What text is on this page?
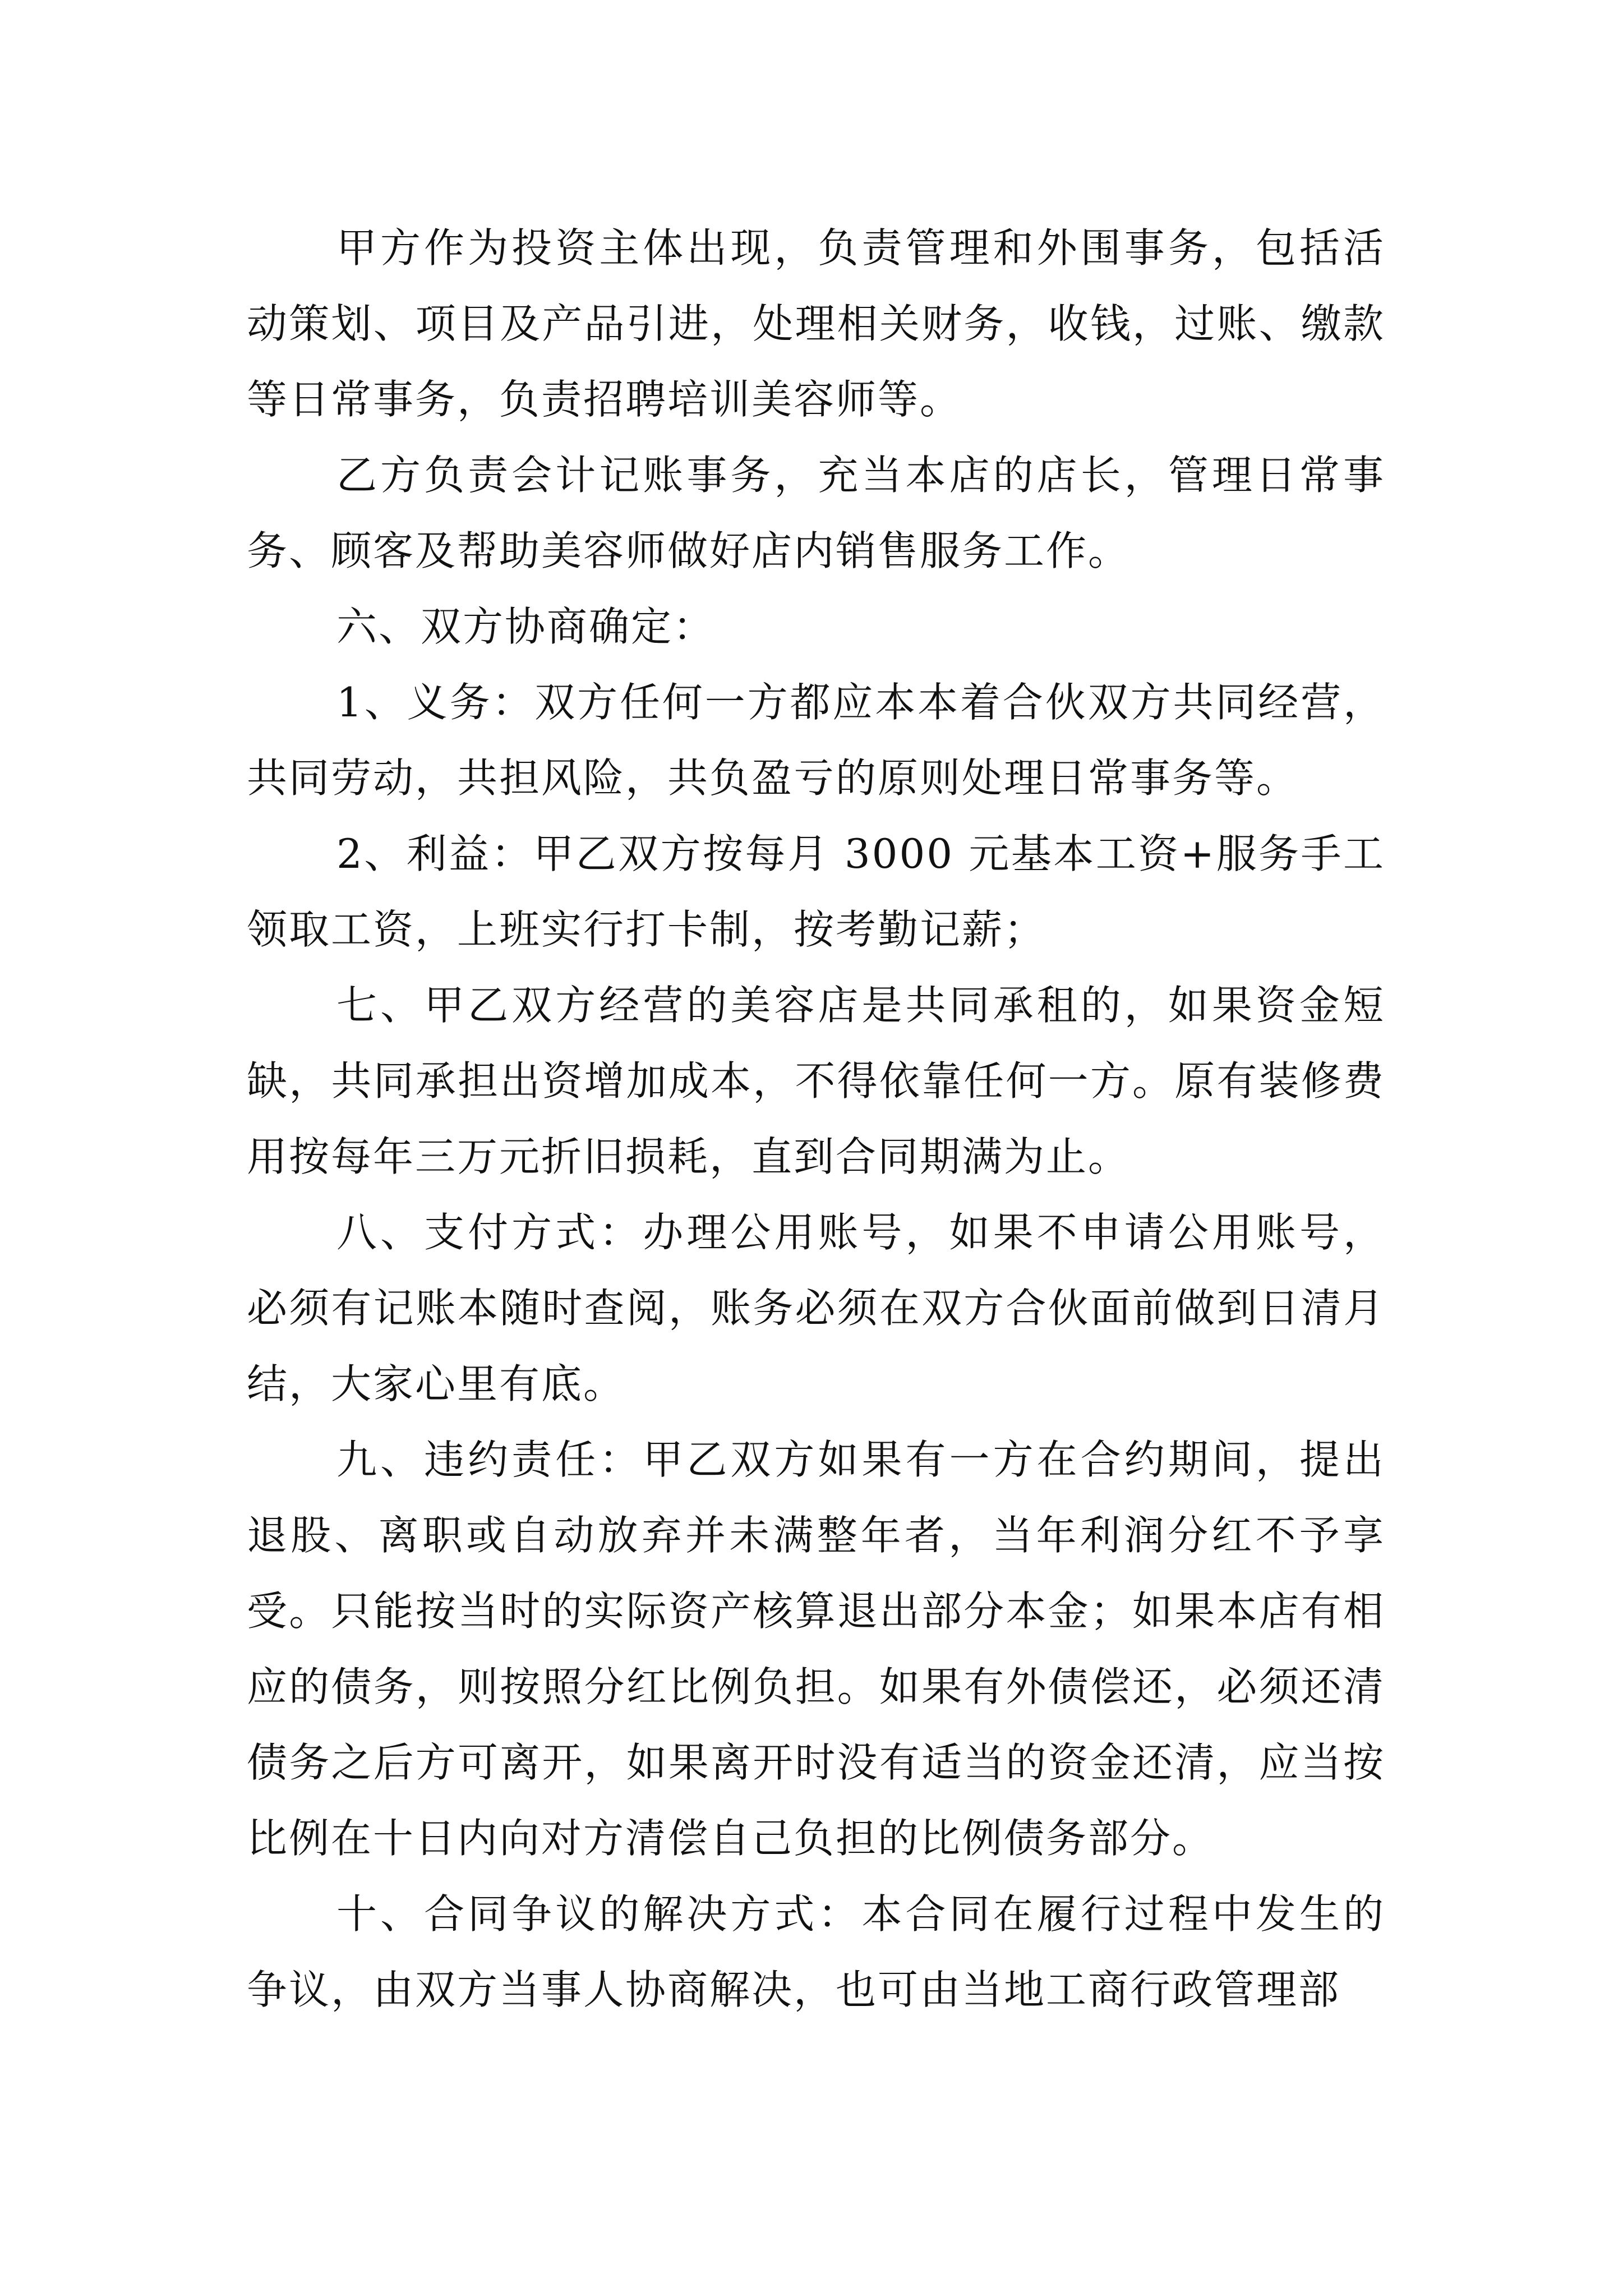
甲方作为投资主体出现，负责管理和外围事务，包括活动策划、项目及产品引进，处理相关财务，收钱，过账、缴款等日常事务，负责招聘培训美容师等。

乙方负责会计记账事务，充当本店的店长，管理日常事务、顾客及帮助美容师做好店内销售服务工作。

六、双方协商确定：

1、义务：双方任何一方都应本本着合伙双方共同经营，共同劳动，共担风险，共负盈亏的原则处理日常事务等。

2、利益：甲乙双方按每月 3000 元基本工资+服务手工领取工资，上班实行打卡制，按考勤记薪；

七、甲乙双方经营的美容店是共同承租的，如果资金短缺，共同承担出资增加成本，不得依靠任何一方。原有装修费用按每年三万元折旧损耗，直到合同期满为止。

八、支付方式：办理公用账号，如果不申请公用账号，必须有记账本随时查阅，账务必须在双方合伙面前做到日清月结，大家心里有底。

九、违约责任：甲乙双方如果有一方在合约期间，提出退股、离职或自动放弃并未满整年者，当年利润分红不予享受。只能按当时的实际资产核算退出部分本金；如果本店有相应的债务，则按照分红比例负担。如果有外债偿还，必须还清债务之后方可离开，如果离开时没有适当的资金还清，应当按比例在十日内向对方清偿自己负担的比例债务部分。

十、合同争议的解决方式：本合同在履行过程中发生的争议，由双方当事人协商解决，也可由当地工商行政管理部
